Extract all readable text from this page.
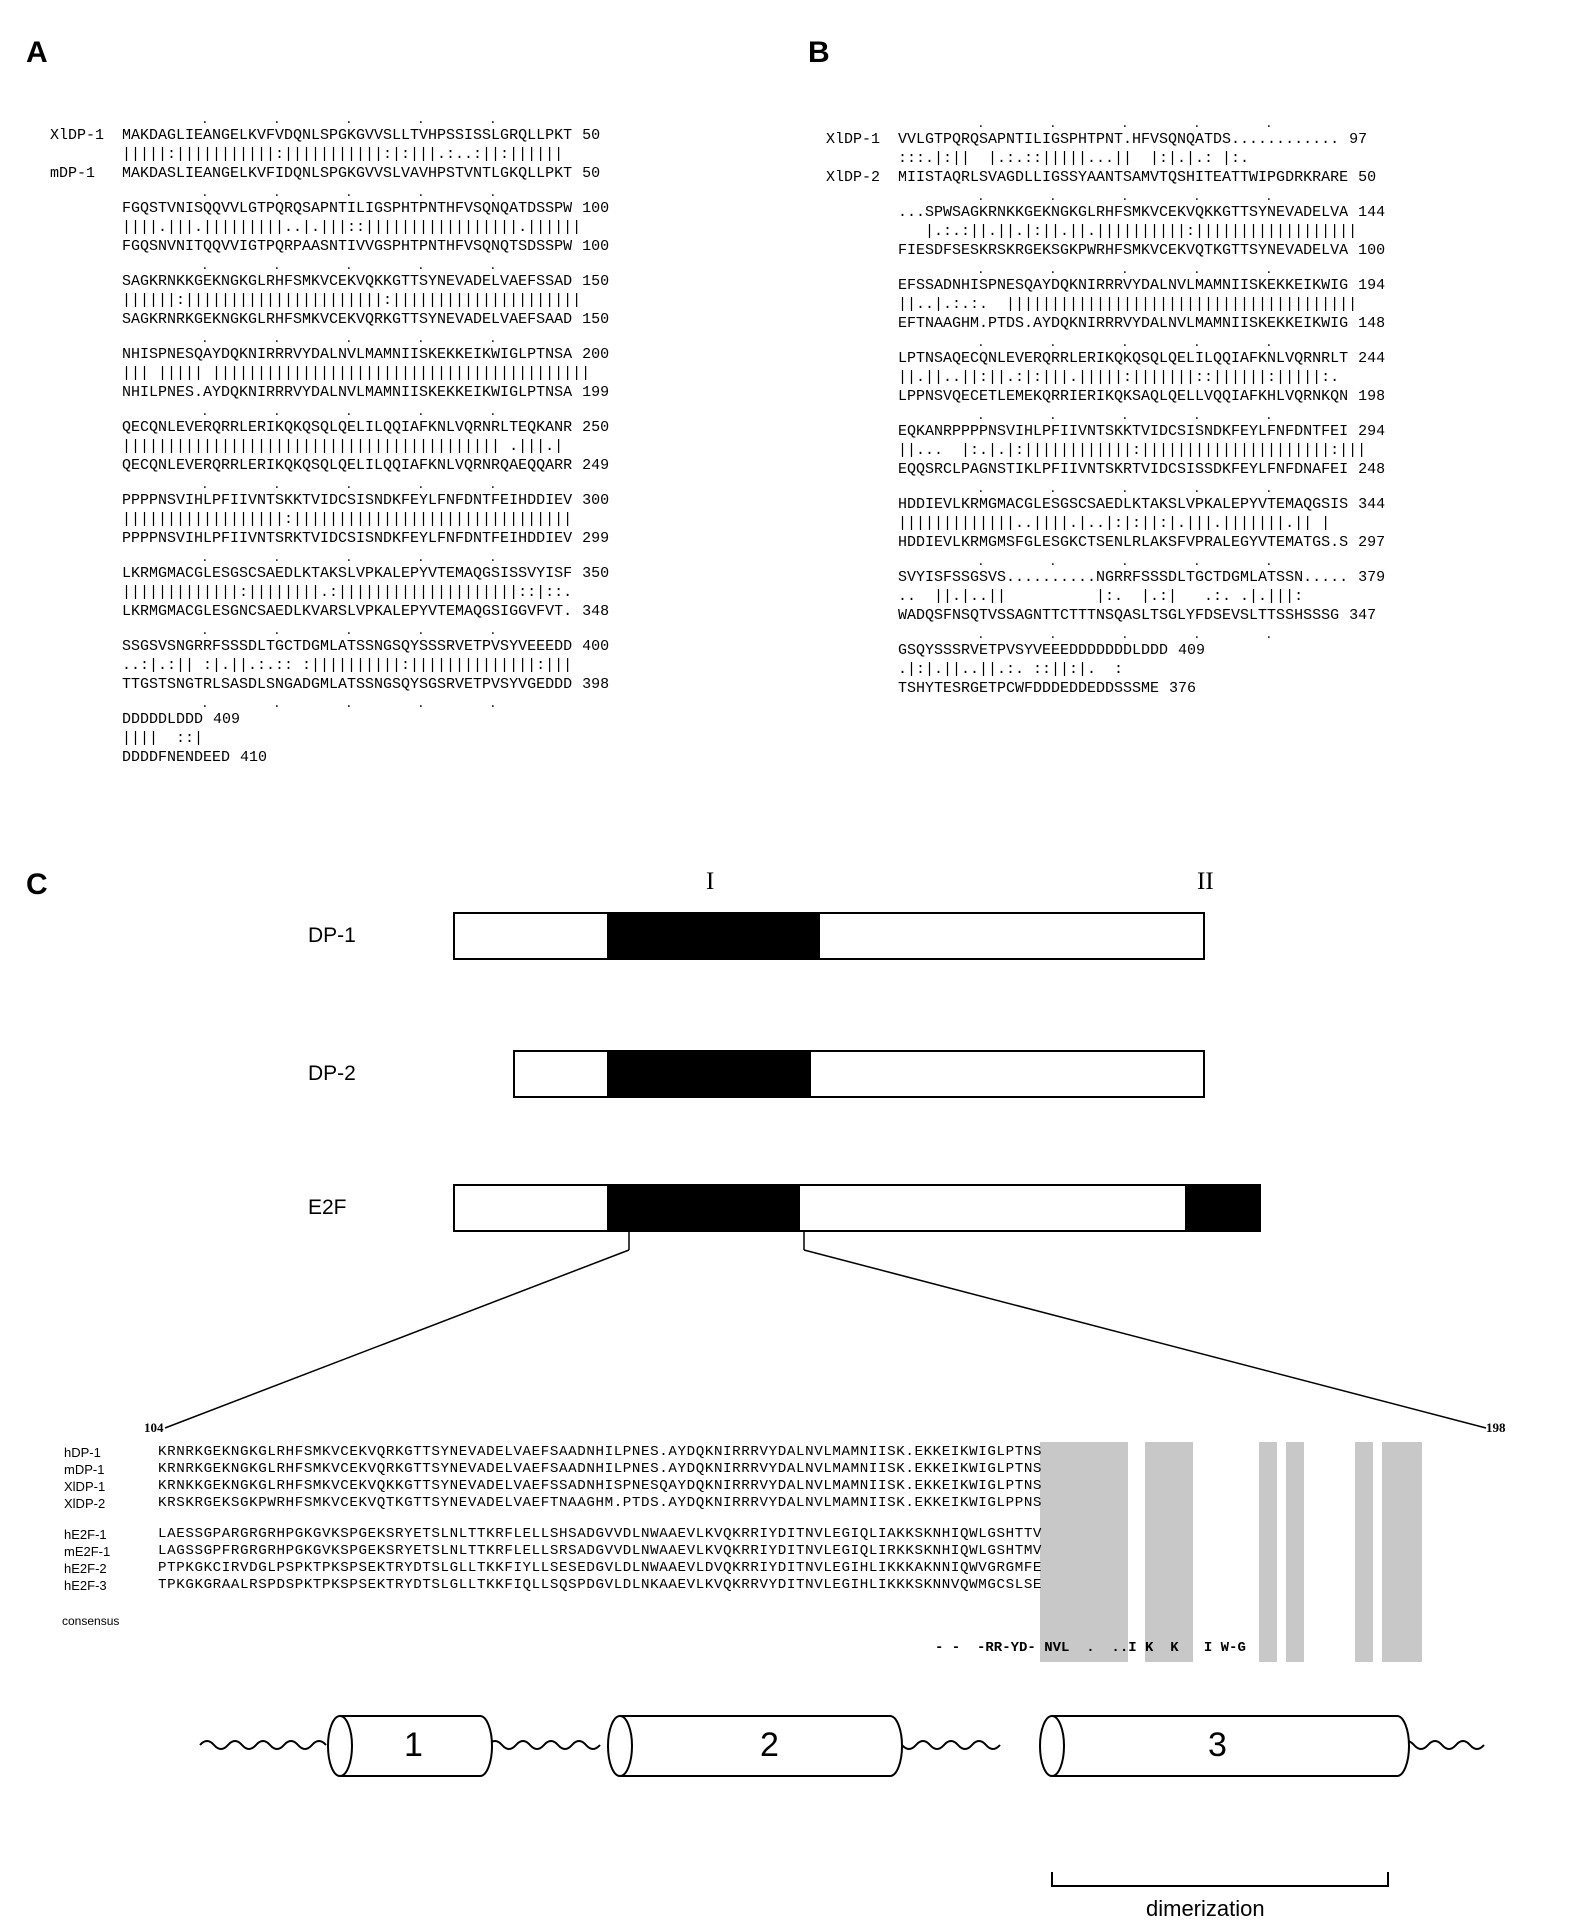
A	B
C
.         .         .         .         .
XlDP-1 MAKDAGLIEANGELKVFVDQNLSPGKGVVSLLTVHPSSISSLGRQLLPKT 50
|||||:|||||||||||:|||||||||||:|:|||.:..:||:||||||
mDP-1 MAKDASLIEANGELKVFIDQNLSPGKGVVSLVAVHPSTVNTLGKQLLPKT 50
.         .         .         .         .
FGQSTVNISQQVVLGTPQRQSAPNTILIGSPHTPNTHFVSQNQATDSSPW 100
||||.|||.|||||||||..|.|||::|||||||||||||||||.||||||
FGQSNVNITQQVVIGTPQRPAASNTIVVGSPHTPNTHFVSQNQTSDSSPW 100
.         .         .         .         .
SAGKRNKKGEKNGKGLRHFSMKVCEKVQKKGTTSYNEVADELVAEFSSAD 150
||||||:||||||||||||||||||||||:|||||||||||||||||||||
SAGKRNRKGEKNGKGLRHFSMKVCEKVQRKGTTSYNEVADELVAEFSAAD 150
.         .         .         .         .
NHISPNESQAYDQKNIRRRVYDALNVLMAMNIISKEKKEIKWIGLPTNSA 200
||| ||||| ||||||||||||||||||||||||||||||||||||||||||
NHILPNES.AYDQKNIRRRVYDALNVLMAMNIISKEKKEIKWIGLPTNSA 199
.         .         .         .         .
QECQNLEVERQRRLERIKQKQSQLQELILQQIAFKNLVQRNRLTEQKANR 250
|||||||||||||||||||||||||||||||||||||||||| .|||.|
QECQNLEVERQRRLERIKQKQSQLQELILQQIAFKNLVQRNRQAEQQARR 249
.         .         .         .         .
PPPPNSVIHLPFIIVNTSKKTVIDCSISNDKFEYLFNFDNTFEIHDDIEV 300
||||||||||||||||||:|||||||||||||||||||||||||||||||
PPPPNSVIHLPFIIVNTSRKTVIDCSISNDKFEYLFNFDNTFEIHDDIEV 299
.         .         .         .         .
LKRMGMACGLESGSCSAEDLKTAKSLVPKALEPYVTEMAQGSISSVYISF 350
|||||||||||||:||||||||.:||||||||||||||||||||::|::.
LKRMGMACGLESGNCSAEDLKVARSLVPKALEPYVTEMAQGSIGGVFVT. 348
.         .         .         .         .
SSGSVSNGRRFSSSDLTGCTDGMLATSSNGSQYSSSRVETPVSYVEEEDD 400
..:|.:|| :|.||.:.:: :||||||||||:||||||||||||||:|||
TTGSTSNGTRLSASDLSNGADGMLATSSNGSQYSGSRVETPVSYVGEDDD 398
.         .         .         .         .
DDDDDLDDD 409
||||  ::|
DDDDFNENDEED 410
.         .         .         .         .
XlDP-1 VVLGTPQRQSAPNTILIGSPHTPNT.HFVSQNQATDS............ 97
:::.|:||  |.:.::|||||...||  |:|.|.: |:.
XlDP-2 MIISTAQRLSVAGDLLIGSSYAANTSAMVTQSHITEATTWIPGDRKRARE 50
.         .         .         .         .
...SPWSAGKRNKKGEKNGKGLRHFSMKVCEKVQKKGTTSYNEVADELVA 144
|.:.:||.||.|:||.||.||||||||||:||||||||||||||||||
FIESDFSESKRSKRGEKSGKPWRHFSMKVCEKVQTKGTTSYNEVADELVA 100
.         .         .         .         .
EFSSADNHISPNESQAYDQKNIRRRVYDALNVLMAMNIISKEKKEIKWIG 194
||..|.:.:.  |||||||||||||||||||||||||||||||||||||||
EFTNAAGHM.PTDS.AYDQKNIRRRVYDALNVLMAMNIISKEKKEIKWIG 148
.         .         .         .         .
LPTNSAQECQNLEVERQRRLERIKQKQSQLQELILQQIAFKNLVQRNRLT 244
||.||..||:||.:|:|||.|||||:|||||||::||||||:|||||:.
LPPNSVQECETLEMEKQRRIERIKQKSAQLQELLVQQIAFKHLVQRNKQN 198
.         .         .         .         .
EQKANRPPPPNSVIHLPFIIVNTSKKTVIDCSISNDKFEYLFNFDNTFEI 294
||...  |:.|.|:||||||||||||:|||||||||||||||||||||:|||
EQQSRCLPAGNSTIKLPFIIVNTSKRTVIDCSISSDKFEYLFNFDNAFEI 248
.         .         .         .         .
HDDIEVLKRMGMACGLESGSCSAEDLKTAKSLVPKALEPYVTEMAQGSIS 344
|||||||||||||..||||.|..|:|:||:|.|||.|||||||.|| |
HDDIEVLKRMGMSFGLESGKCTSENLRLAKSFVPRALEGYVTEMATGS.S 297
.         .         .         .         .
SVYISFSSGSVS..........NGRRFSSSDLTGCTDGMLATSSN..... 379
..  ||.|..||          |:.  |.:|   .:. .|.|||:
WADQSFNSQTVSSAGNTTCTTTNSQASLTSGLYFDSEVSLTTSSHSSSG 347
.         .         .         .         .
GSQYSSSRVETPVSYVEEEDDDDDDDLDDD 409
.|:|.||..||.:. ::||:|.  :
TSHYTESRGETPCWFDDDEDDEDDSSSME 376
I	II
DP-1
DP-2
E2F
104	198
hDP-1	KRNRKGEKNGKGLRHFSMKVCEKVQRKGTTSYNEVADELVAEFSAADNHILPNES.AYDQKNIRRRVYDALNVLMAMNIISK.EKKEIKWIGLPTNS
mDP-1	KRNRKGEKNGKGLRHFSMKVCEKVQRKGTTSYNEVADELVAEFSAADNHILPNES.AYDQKNIRRRVYDALNVLMAMNIISK.EKKEIKWIGLPTNS
XlDP-1	KRNKKGEKNGKGLRHFSMKVCEKVQKKGTTSYNEVADELVAEFSSADNHISPNESQAYDQKNIRRRVYDALNVLMAMNIISK.EKKEIKWIGLPTNS
XlDP-2	KRSKRGEKSGKPWRHFSMKVCEKVQTKGTTSYNEVADELVAEFTNAAGHM.PTDS.AYDQKNIRRRVYDALNVLMAMNIISK.EKKEIKWIGLPPNS
hE2F-1	LAESSGPARGRGRHPGKGVKSPGEKSRYETSLNLTTKRFLELLSHSADGVVDLNWAAEVLKVQKRRIYDITNVLEGIQLIAKKSKNHIQWLGSHTTV
mE2F-1	LAGSSGPFRGRGRHPGKGVKSPGEKSRYETSLNLTTKRFLELLSRSADGVVDLNWAAEVLKVQKRRIYDITNVLEGIQLIRKKSKNHIQWLGSHTMV
hE2F-2	PTPKGKCIRVDGLPSPKTPKSPSEKTRYDTSLGLLTKKFIYLLSESEDGVLDLNWAAEVLDVQKRRIYDITNVLEGIHLIKKKAKNNIQWVGRGMFE
hE2F-3	TPKGKGRAALRSPDSPKTPKSPSEKTRYDTSLGLLTKKFIQLLSQSPDGVLDLNKAAEVLKVQKRRVYDITNVLEGIHLIKKKSKNNVQWMGCSLSE
consensus
- -  -RR-YD- NVL  .  ..I K  K   I W-G
1	2	3
dimerization
